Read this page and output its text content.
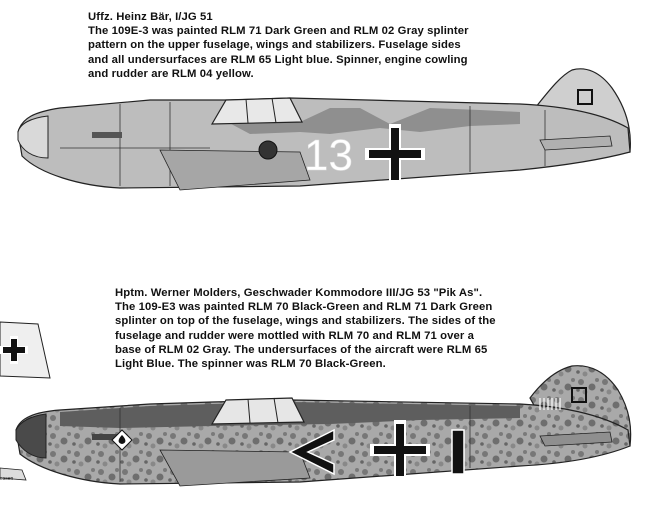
Uffz. Heinz Bär, I/JG 51
The 109E-3 was painted RLM 71 Dark Green and RLM 02 Gray splinter
pattern on the upper fuselage, wings and stabilizers. Fuselage sides
and all undersurfaces are RLM 65 Light blue. Spinner, engine cowling
and rudder are RLM 04 yellow.
Hptm. Werner Molders, Geschwader Kommodore III/JG 53 "Pik As".
The 109-E3 was painted RLM 70 Black-Green and RLM 71 Dark Green
splinter on top of the fuselage, wings and stabilizers. The sides of the
fuselage and rudder were mottled with RLM 70 and RLM 71 over a
base of RLM 02 Gray. The undersurfaces of the aircraft were RLM 65
Light Blue. The spinner was RLM 70 Black-Green.
13
essen
